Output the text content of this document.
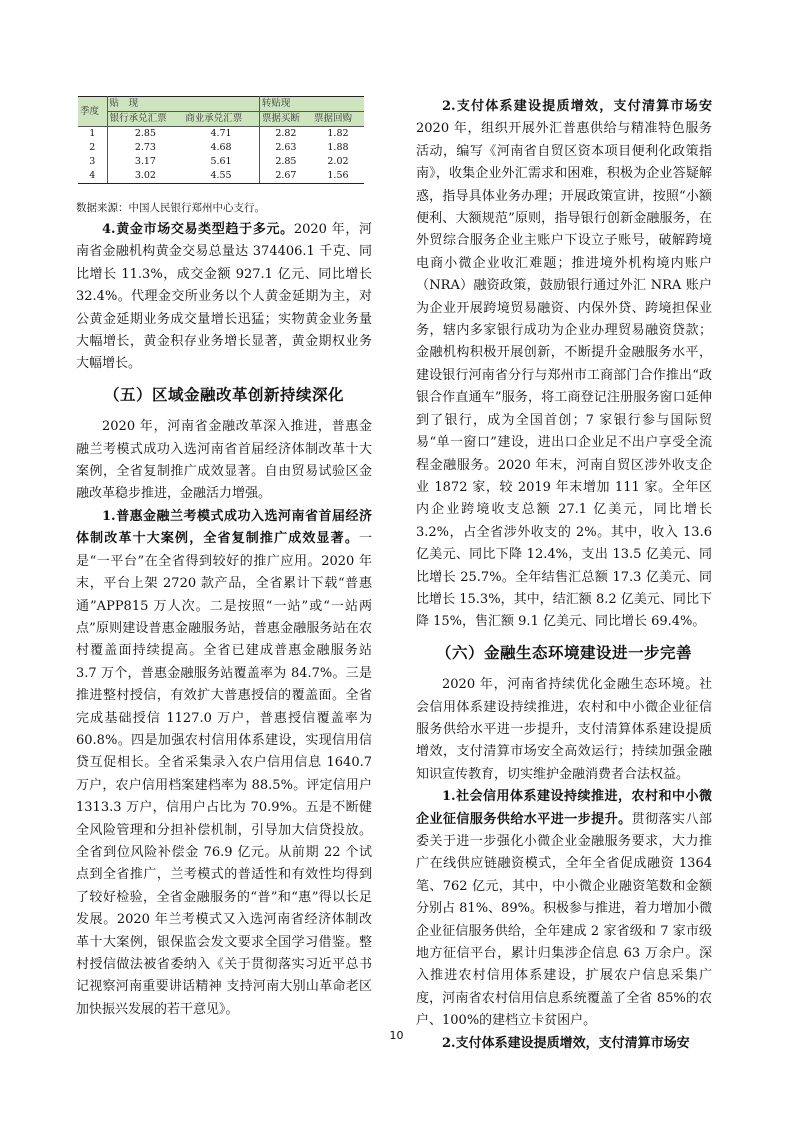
季度	贴　现		转贴现	
	银行承兑汇票	商业承兑汇票	票据买断	票据回购
1	2.85	4.71	2.82	1.82
2	2.73	4.68	2.63	1.88
3	3.17	5.61	2.85	2.02
4	3.02	4.55	2.67	1.56

数据来源：中国人民银行郑州中心支行。

4.黄金市场交易类型趋于多元。2020 年，河南省金融机构黄金交易总量达 374406.1 千克、同比增长 11.3%，成交金额 927.1 亿元、同比增长 32.4%。代理金交所业务以个人黄金延期为主，对公黄金延期业务成交量增长迅猛；实物黄金业务量大幅增长，黄金积存业务增长显著，黄金期权业务大幅增长。

（五）区域金融改革创新持续深化

2020 年，河南省金融改革深入推进，普惠金融兰考模式成功入选河南省首届经济体制改革十大案例，全省复制推广成效显著。自由贸易试验区金融改革稳步推进，金融活力增强。

1.普惠金融兰考模式成功入选河南省首届经济体制改革十大案例，全省复制推广成效显著。一是“一平台”在全省得到较好的推广应用。2020 年末，平台上架 2720 款产品，全省累计下载“普惠通”APP815 万人次。二是按照“一站”或“一站两点”原则建设普惠金融服务站，普惠金融服务站在农村覆盖面持续提高。全省已建成普惠金融服务站 3.7 万个，普惠金融服务站覆盖率为 84.7%。三是推进整村授信，有效扩大普惠授信的覆盖面。全省完成基础授信 1127.0 万户，普惠授信覆盖率为 60.8%。四是加强农村信用体系建设，实现信用信贷互促相长。全省采集录入农户信用信息 1640.7 万户，农户信用档案建档率为 88.5%。评定信用户 1313.3 万户，信用户占比为 70.9%。五是不断健全风险管理和分担补偿机制，引导加大信贷投放。全省到位风险补偿金 76.9 亿元。从前期 22 个试点到全省推广，兰考模式的普适性和有效性均得到了较好检验，全省金融服务的“普”和“惠”得以长足发展。2020 年兰考模式又入选河南省经济体制改革十大案例，银保监会发文要求全国学习借鉴。整村授信做法被省委纳入《关于贯彻落实习近平总书记视察河南重要讲话精神 支持河南大别山革命老区加快振兴发展的若干意见》。

2.支付体系建设提质增效，支付清算市场安2020 年，组织开展外汇普惠供给与精准特色服务活动，编写《河南省自贸区资本项目便利化政策指南》，收集企业外汇需求和困难，积极为企业答疑解惑，指导具体业务办理；开展政策宣讲，按照“小额便利、大额规范”原则，指导银行创新金融服务，在外贸综合服务企业主账户下设立子账号，破解跨境电商小微企业收汇难题；推进境外机构境内账户（NRA）融资政策，鼓励银行通过外汇 NRA 账户为企业开展跨境贸易融资、内保外贷、跨境担保业务，辖内多家银行成功为企业办理贸易融资贷款；金融机构积极开展创新，不断提升金融服务水平，建设银行河南省分行与郑州市工商部门合作推出“政银合作直通车”服务，将工商登记注册服务窗口延伸到了银行，成为全国首创；7 家银行参与国际贸易“单一窗口”建设，进出口企业足不出户享受全流程金融服务。2020 年末，河南自贸区涉外收支企业 1872 家，较 2019 年末增加 111 家。全年区内企业跨境收支总额 27.1 亿美元，同比增长 3.2%，占全省涉外收支的 2%。其中，收入 13.6 亿美元、同比下降 12.4%，支出 13.5 亿美元、同比增长 25.7%。全年结售汇总额 17.3 亿美元、同比增长 15.3%，其中，结汇额 8.2 亿美元、同比下降 15%，售汇额 9.1 亿美元、同比增长 69.4%。

（六）金融生态环境建设进一步完善

2020 年，河南省持续优化金融生态环境。社会信用体系建设持续推进，农村和中小微企业征信服务供给水平进一步提升，支付清算体系建设提质增效，支付清算市场安全高效运行；持续加强金融知识宣传教育，切实维护金融消费者合法权益。

1.社会信用体系建设持续推进，农村和中小微企业征信服务供给水平进一步提升。贯彻落实八部委关于进一步强化小微企业金融服务要求，大力推广在线供应链融资模式，全年全省促成融资 1364 笔、762 亿元，其中，中小微企业融资笔数和金额分别占 81%、89%。积极参与推进，着力增加小微企业征信服务供给，全年建成 2 家省级和 7 家市级地方征信平台，累计归集涉企信息 63 万余户。深入推进农村信用体系建设，扩展农户信息采集广度，河南省农村信用信息系统覆盖了全省 85%的农户、100%的建档立卡贫困户。

2.支付体系建设提质增效，支付清算市场安

10
